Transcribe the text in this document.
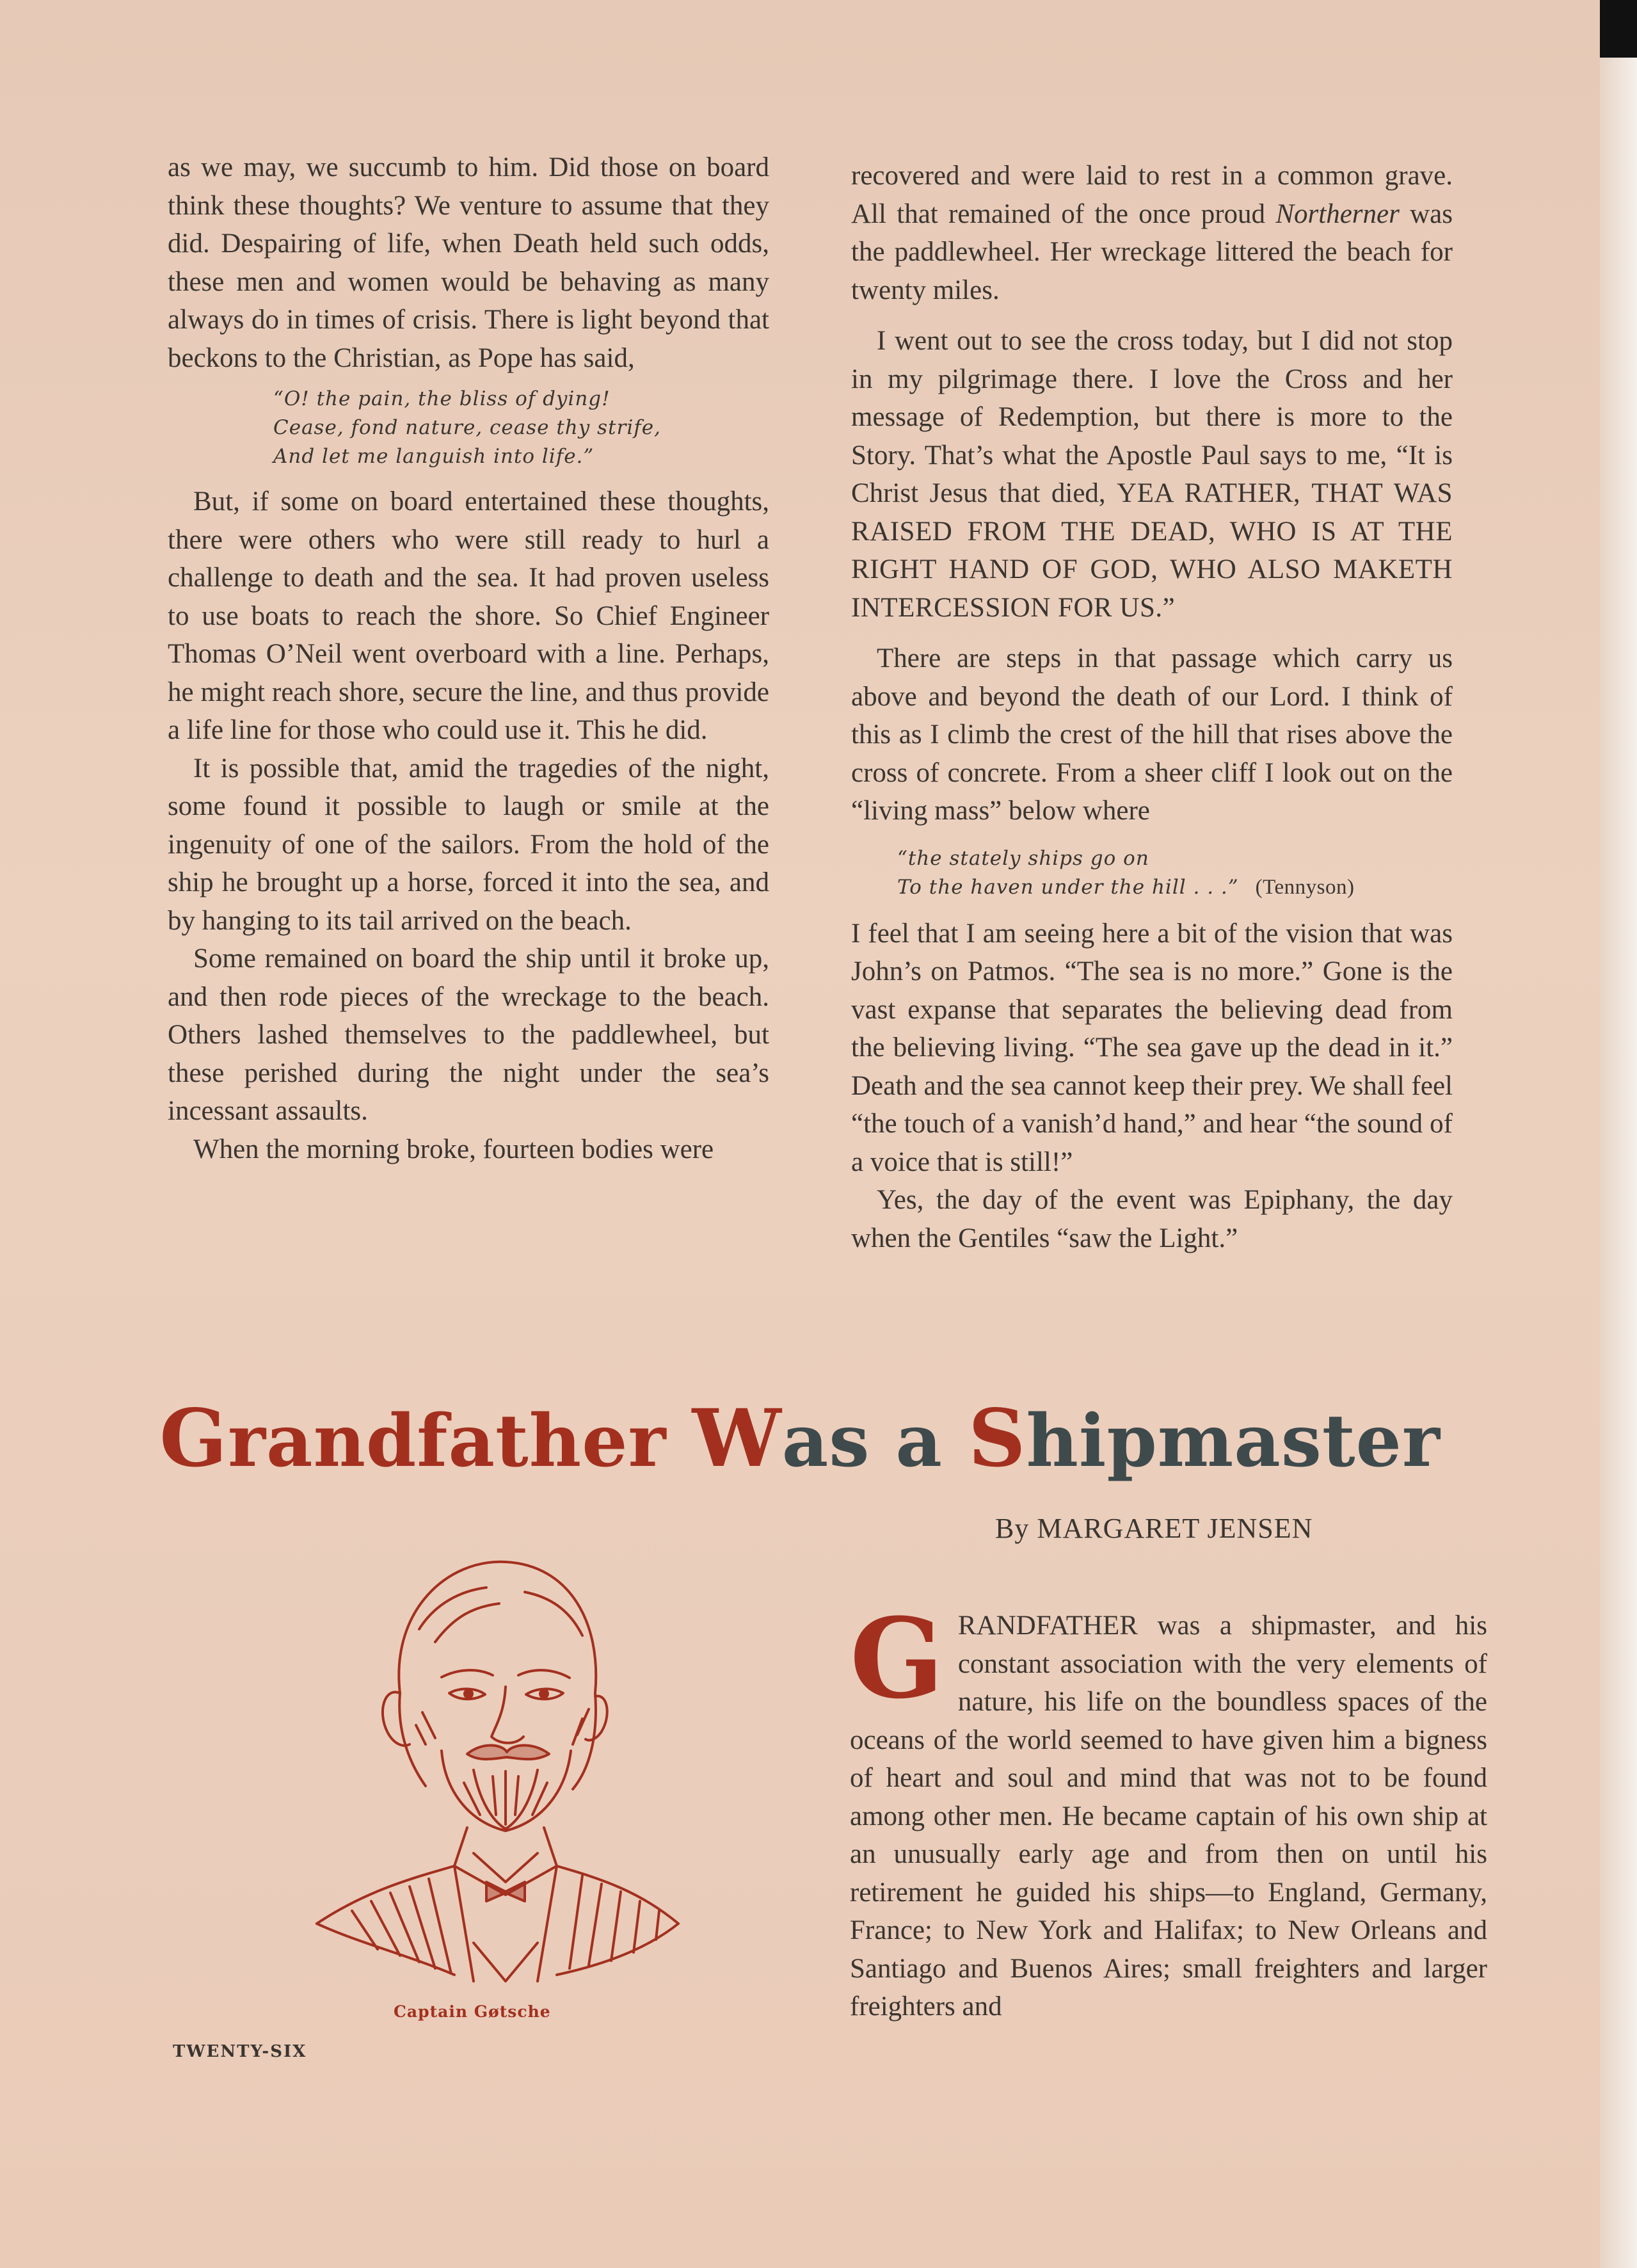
as we may, we succumb to him. Did those on board think these thoughts? We venture to assume that they did. Despairing of life, when Death held such odds, these men and women would be behaving as many always do in times of crisis. There is light beyond that beckons to the Christian, as Pope has said,

“O! the pain, the bliss of dying!
Cease, fond nature, cease thy strife,
And let me languish into life.”

But, if some on board entertained these thoughts, there were others who were still ready to hurl a challenge to death and the sea. It had proven useless to use boats to reach the shore. So Chief Engineer Thomas O’Neil went overboard with a line. Perhaps, he might reach shore, secure the line, and thus provide a life line for those who could use it. This he did.

It is possible that, amid the tragedies of the night, some found it possible to laugh or smile at the ingenuity of one of the sailors. From the hold of the ship he brought up a horse, forced it into the sea, and by hanging to its tail arrived on the beach.

Some remained on board the ship until it broke up, and then rode pieces of the wreckage to the beach. Others lashed themselves to the paddlewheel, but these perished during the night under the sea’s incessant assaults.

When the morning broke, fourteen bodies were

recovered and were laid to rest in a common grave. All that remained of the once proud Northerner was the paddlewheel. Her wreckage littered the beach for twenty miles.

I went out to see the cross today, but I did not stop in my pilgrimage there. I love the Cross and her message of Redemption, but there is more to the Story. That’s what the Apostle Paul says to me, “It is Christ Jesus that died, YEA RATHER, THAT WAS RAISED FROM THE DEAD, WHO IS AT THE RIGHT HAND OF GOD, WHO ALSO MAKETH INTERCESSION FOR US.”

There are steps in that passage which carry us above and beyond the death of our Lord. I think of this as I climb the crest of the hill that rises above the cross of concrete. From a sheer cliff I look out on the “living mass” below where

“the stately ships go on
To the haven under the hill . . .” (Tennyson)

I feel that I am seeing here a bit of the vision that was John’s on Patmos. “The sea is no more.” Gone is the vast expanse that separates the believing dead from the believing living. “The sea gave up the dead in it.” Death and the sea cannot keep their prey. We shall feel “the touch of a vanish’d hand,” and hear “the sound of a voice that is still!”

Yes, the day of the event was Epiphany, the day when the Gentiles “saw the Light.”

Grandfather Was a Shipmaster
By MARGARET JENSEN
Captain Gøtsche

GRANDFATHER was a shipmaster, and his constant association with the very elements of nature, his life on the boundless spaces of the oceans of the world seemed to have given him a bigness of heart and soul and mind that was not to be found among other men. He became captain of his own ship at an unusually early age and from then on until his retirement he guided his ships—to England, Germany, France; to New York and Halifax; to New Orleans and Santiago and Buenos Aires; small freighters and larger freighters and

TWENTY-SIX
